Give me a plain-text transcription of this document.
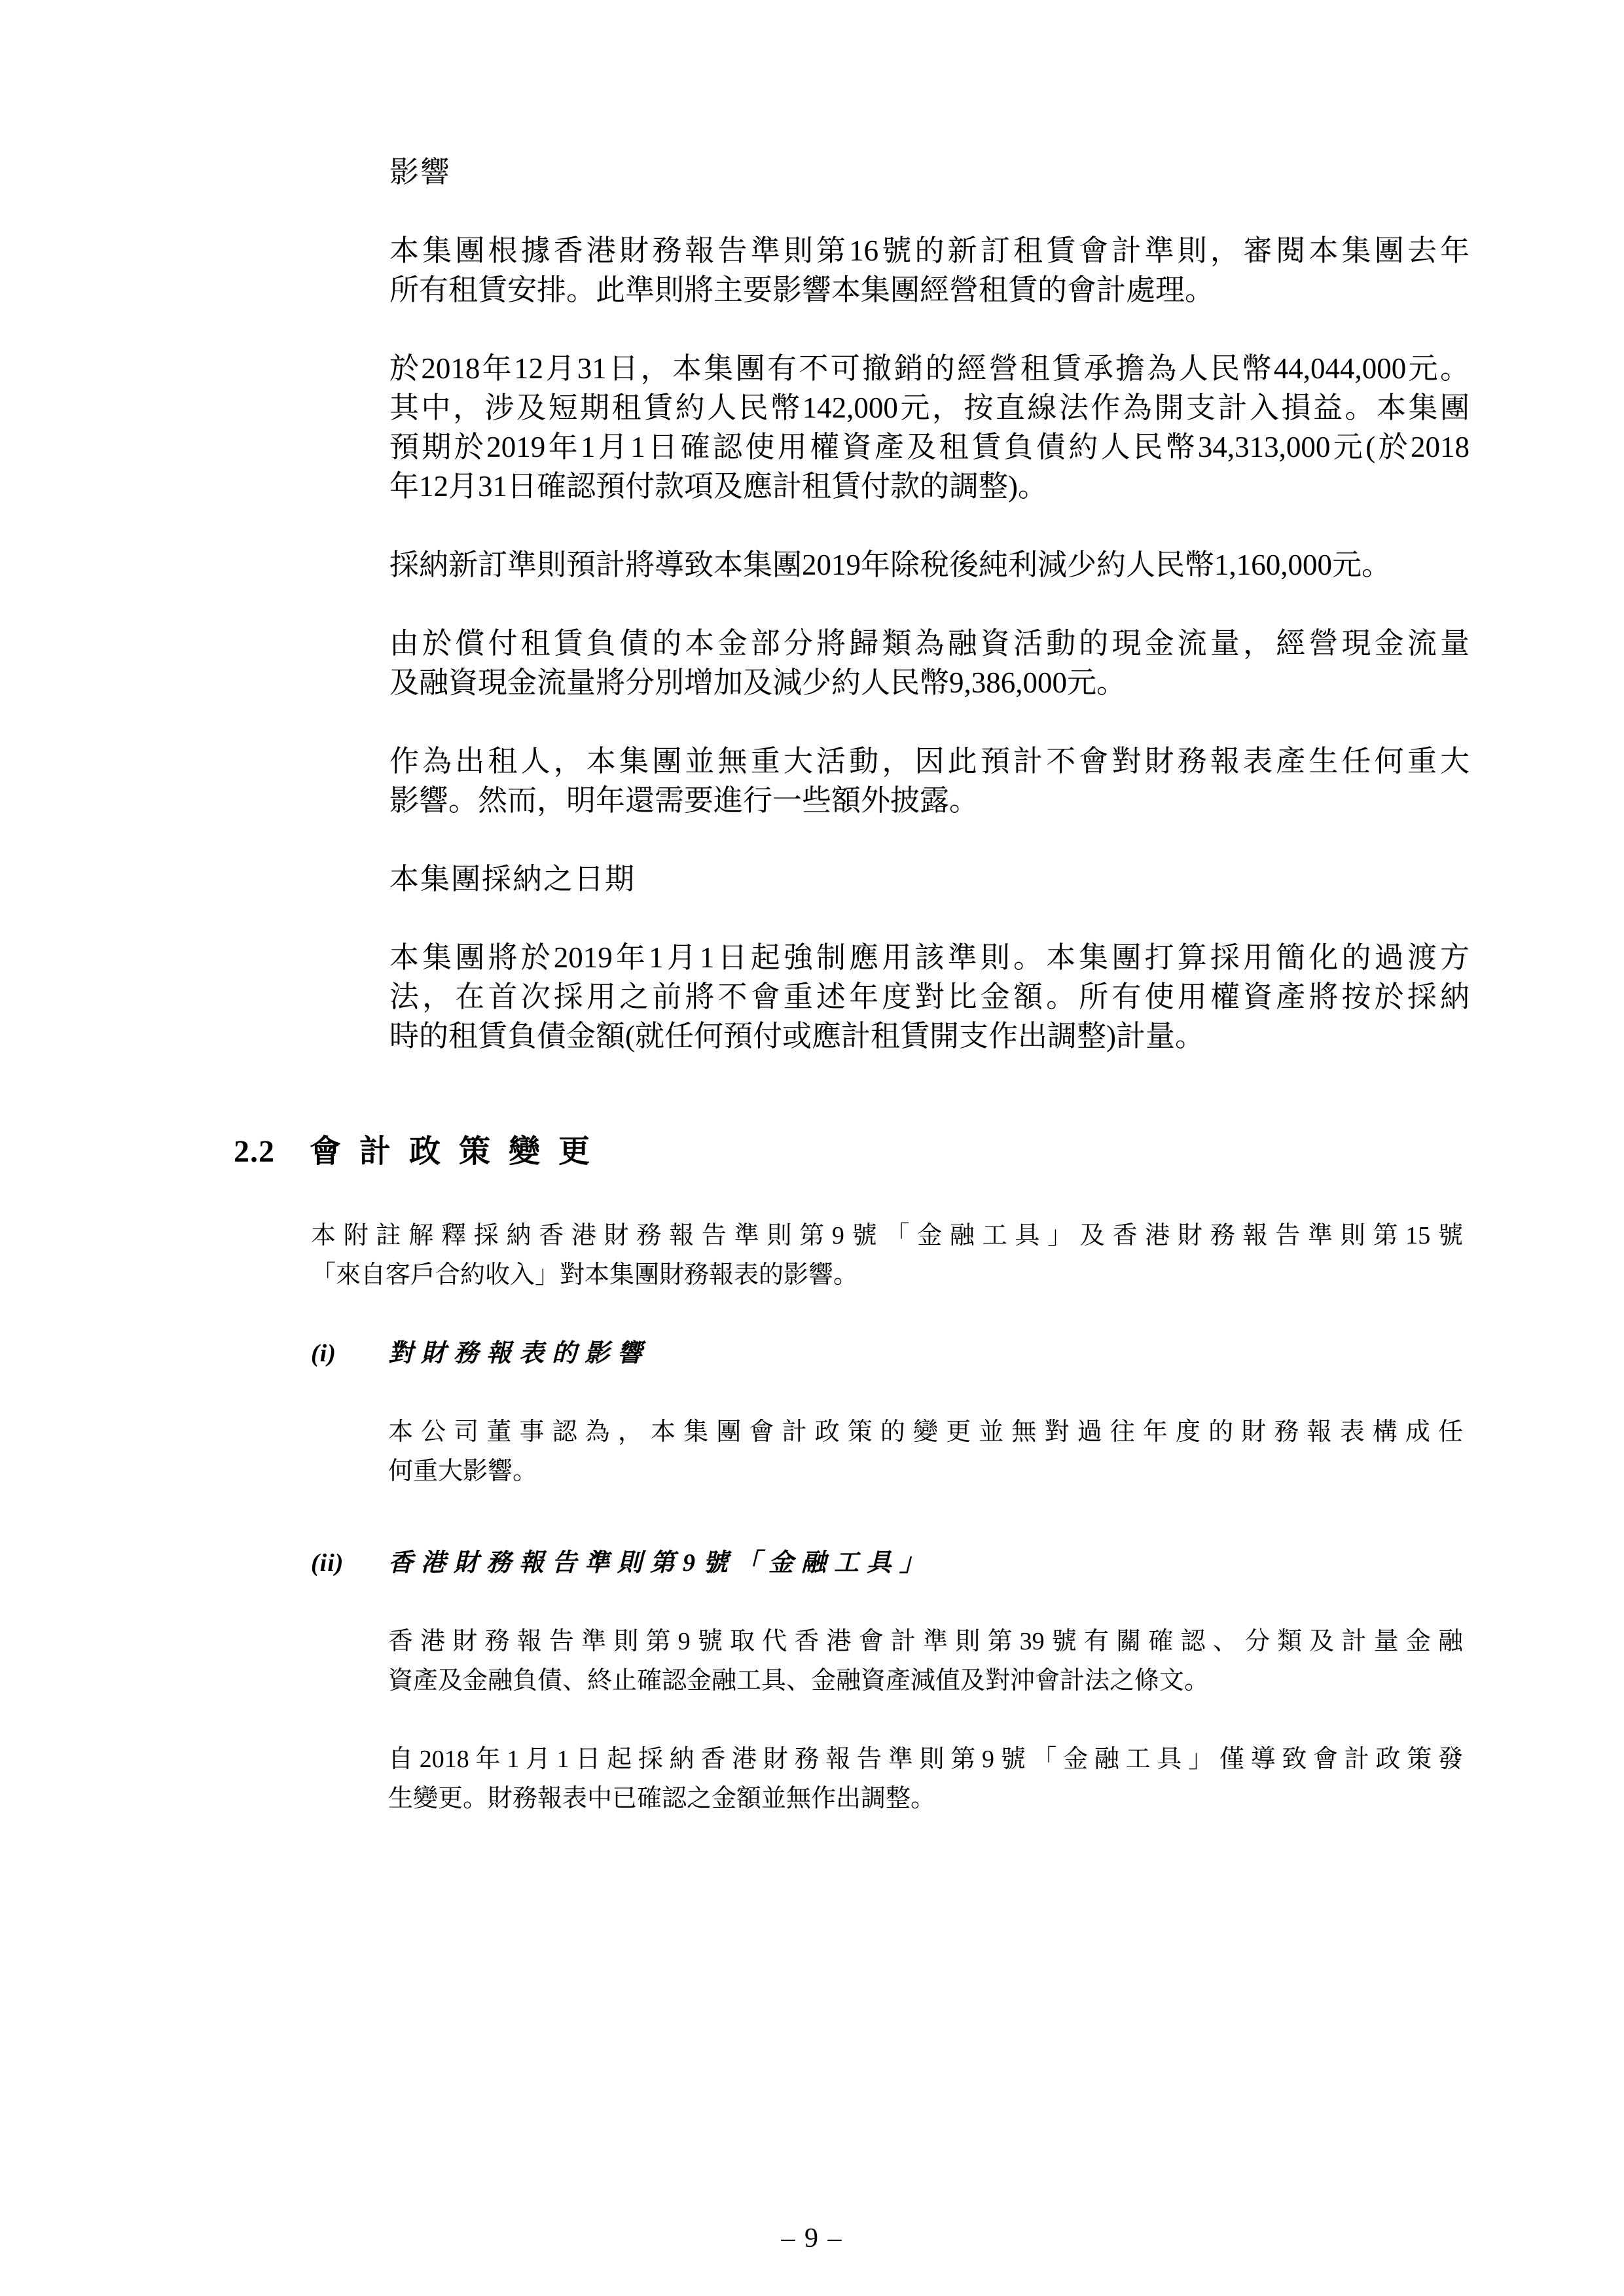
影響
本集團根據香港財務報告準則第16號的新訂租賃會計準則，審閱本集團去年
所有租賃安排。此準則將主要影響本集團經營租賃的會計處理。
於2018年12月31日，本集團有不可撤銷的經營租賃承擔為人民幣44,044,000元。
其中，涉及短期租賃約人民幣142,000元，按直線法作為開支計入損益。本集團
預期於2019年1月1日確認使用權資產及租賃負債約人民幣34,313,000元(於2018
年12月31日確認預付款項及應計租賃付款的調整)。
採納新訂準則預計將導致本集團2019年除稅後純利減少約人民幣1,160,000元。
由於償付租賃負債的本金部分將歸類為融資活動的現金流量，經營現金流量
及融資現金流量將分別增加及減少約人民幣9,386,000元。
作為出租人，本集團並無重大活動，因此預計不會對財務報表產生任何重大
影響。然而，明年還需要進行一些額外披露。
本集團採納之日期
本集團將於2019年1月1日起強制應用該準則。本集團打算採用簡化的過渡方
法，在首次採用之前將不會重述年度對比金額。所有使用權資產將按於採納
時的租賃負債金額(就任何預付或應計租賃開支作出調整)計量。
2.2 會計政策變更
本附註解釋採納香港財務報告準則第9號「金融工具」及香港財務報告準則第15號
「來自客戶合約收入」對本集團財務報表的影響。
(i) 對財務報表的影響
本公司董事認為，本集團會計政策的變更並無對過往年度的財務報表構成任
何重大影響。
(ii) 香港財務報告準則第9號「金融工具」
香港財務報告準則第9號取代香港會計準則第39號有關確認、分類及計量金融
資產及金融負債、終止確認金融工具、金融資產減值及對沖會計法之條文。
自2018年1月1日起採納香港財務報告準則第9號「金融工具」僅導致會計政策發
生變更。財務報表中已確認之金額並無作出調整。
– 9 –
